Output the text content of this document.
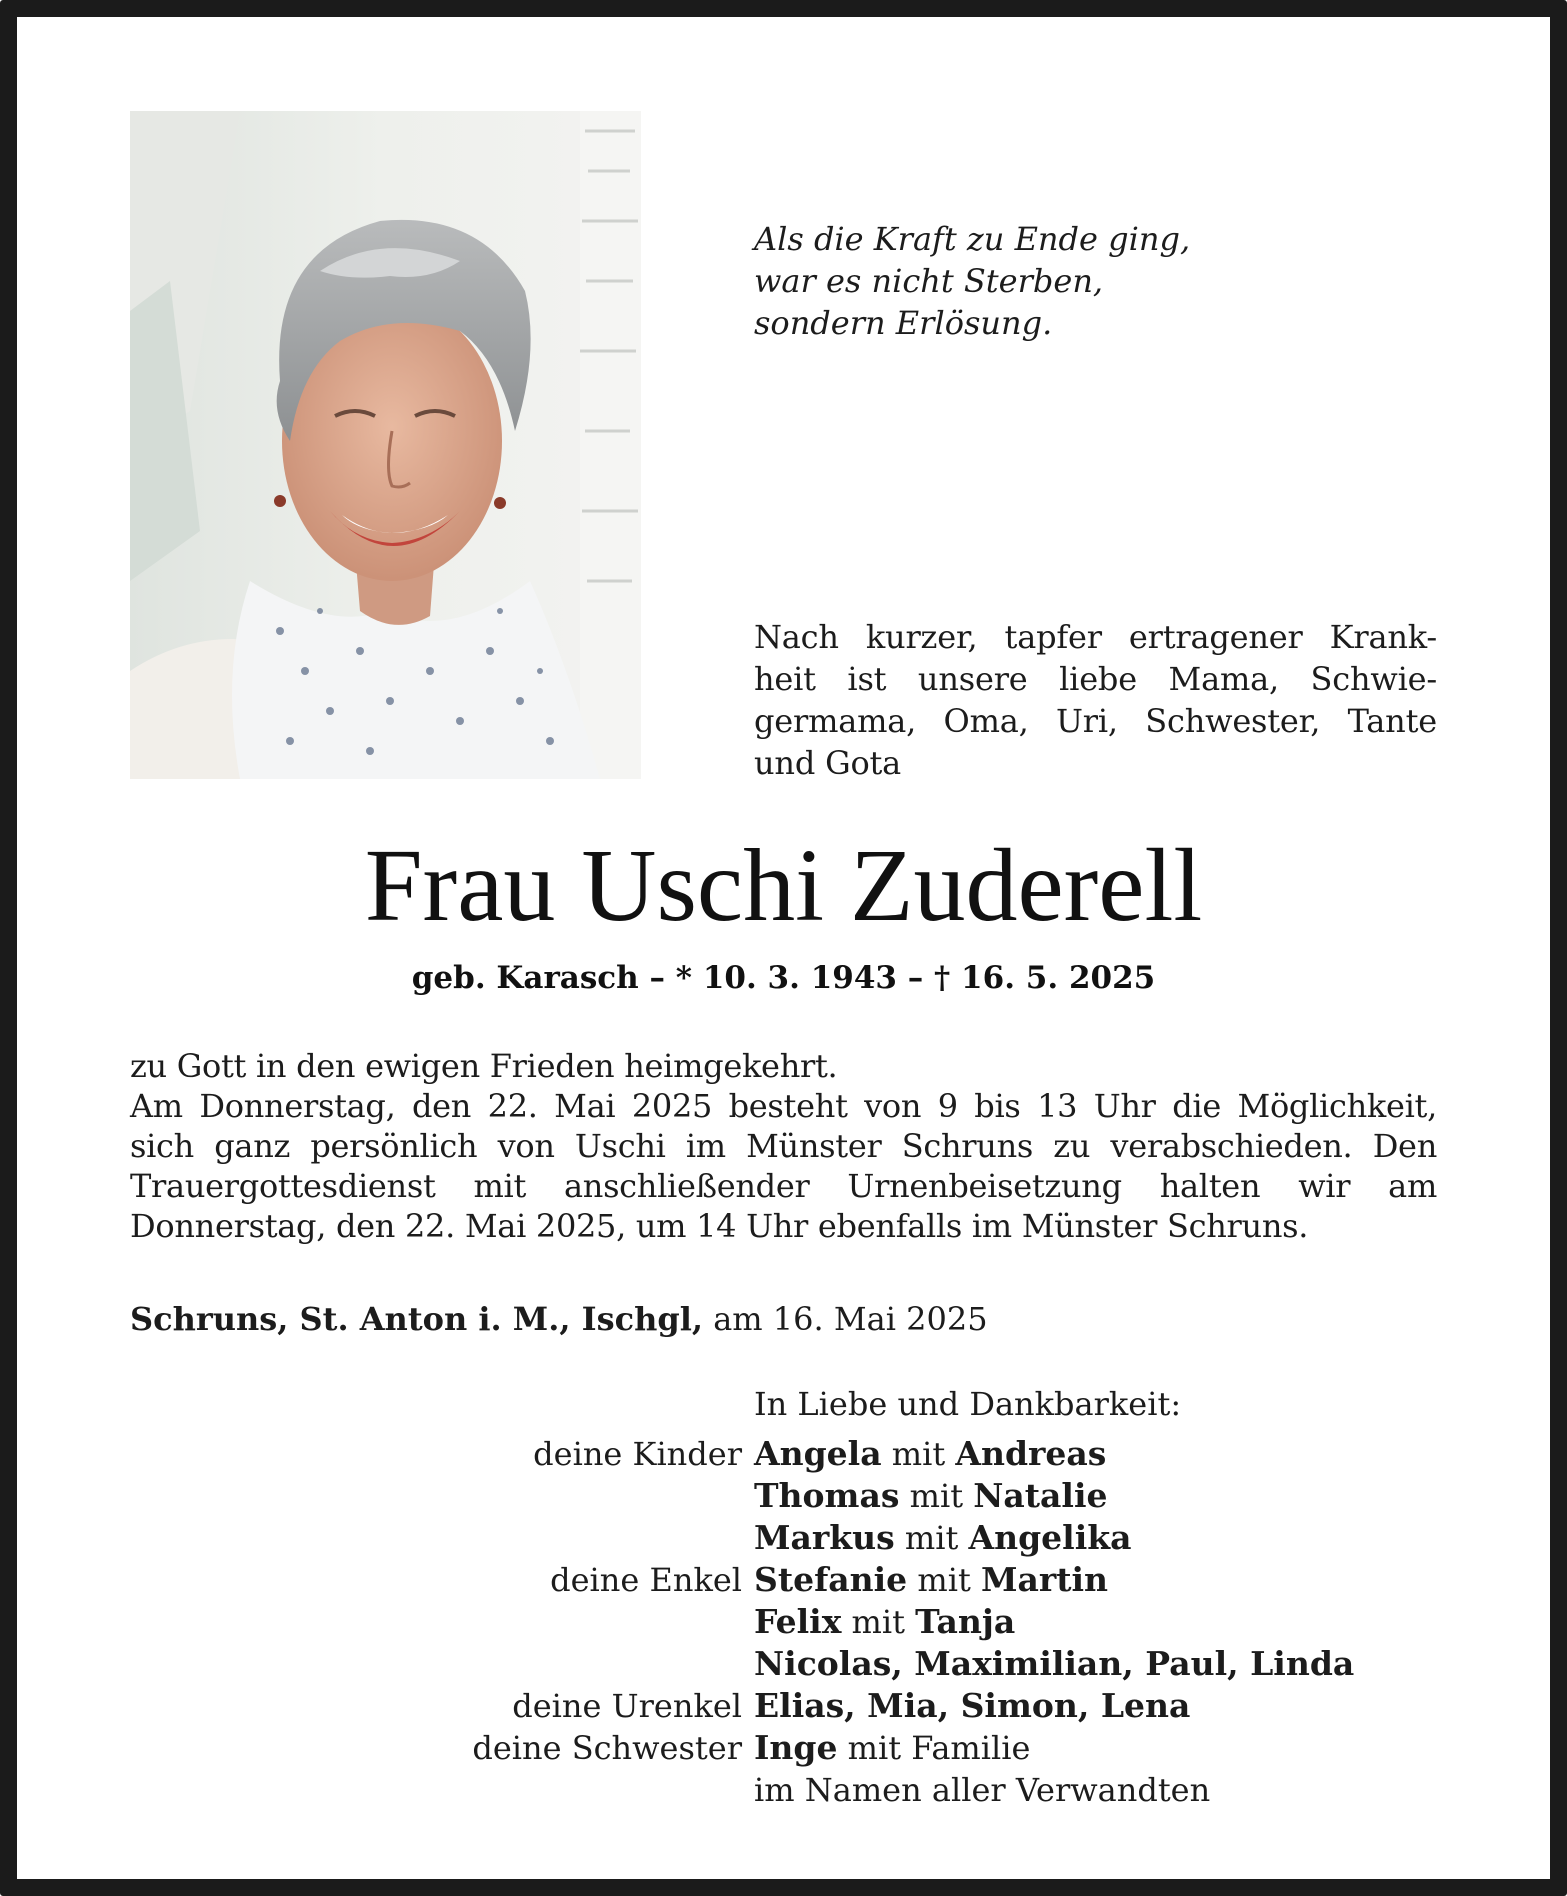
Als die Kraft zu Ende ging,
war es nicht Sterben,
sondern Erlösung.
Nach kurzer, tapfer ertragener Krank-
heit ist unsere liebe Mama, Schwie-
germama, Oma, Uri, Schwester, Tante
und Gota
Frau Uschi Zuderell
geb. Karasch – * 10. 3. 1943 – † 16. 5. 2025
zu Gott in den ewigen Frieden heimgekehrt.
Am Donnerstag, den 22. Mai 2025 besteht von 9 bis 13 Uhr die Möglichkeit,
sich ganz persönlich von Uschi im Münster Schruns zu verabschieden. Den
Trauergottesdienst mit anschließender Urnenbeisetzung halten wir am
Donnerstag, den 22. Mai 2025, um 14 Uhr ebenfalls im Münster Schruns.
Schruns, St. Anton i. M., Ischgl, am 16. Mai 2025
In Liebe und Dankbarkeit:
deine Kinder Angela mit Andreas
Thomas mit Natalie
Markus mit Angelika
deine Enkel Stefanie mit Martin
Felix mit Tanja
Nicolas, Maximilian, Paul, Linda
deine Urenkel Elias, Mia, Simon, Lena
deine Schwester Inge mit Familie
im Namen aller Verwandten
